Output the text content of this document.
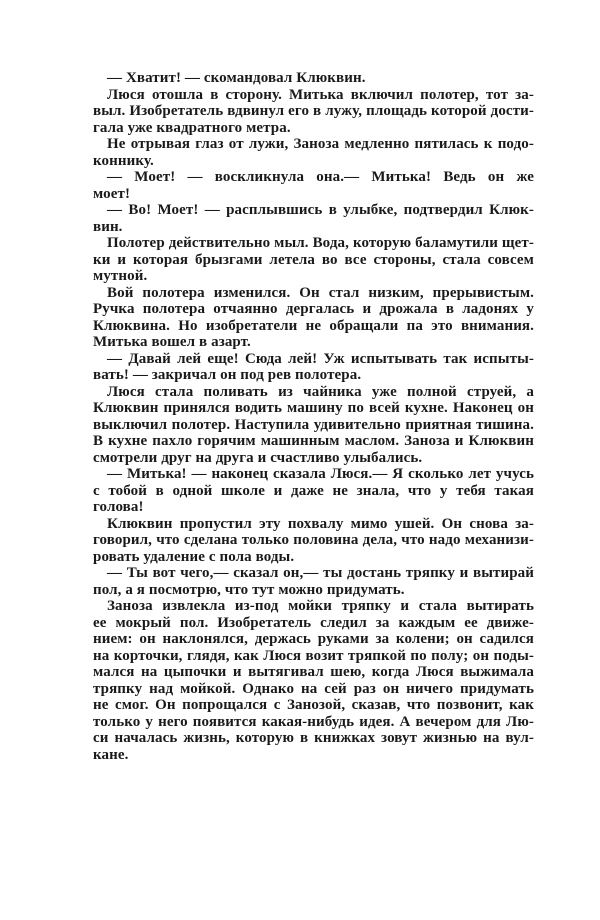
— Хватит! — скомандовал Клюквин.
Люся отошла в сторону. Митька включил полотер, тот за-
выл. Изобретатель вдвинул его в лужу, площадь которой дости-
гала уже квадратного метра.
Не отрывая глаз от лужи, Заноза медленно пятилась к подо-
коннику.
— Моет! — воскликнула она.— Митька! Ведь он же
моет!
— Во! Моет! — расплывшись в улыбке, подтвердил Клюк-
вин.
Полотер действительно мыл. Вода, которую баламутили щет-
ки и которая брызгами летела во все стороны, стала совсем
мутной.
Вой полотера изменился. Он стал низким, прерывистым.
Ручка полотера отчаянно дергалась и дрожала в ладонях у
Клюквина. Но изобретатели не обращали па это внимания.
Митька вошел в азарт.
— Давай лей еще! Сюда лей! Уж испытывать так испыты-
вать! — закричал он под рев полотера.
Люся стала поливать из чайника уже полной струей, а
Клюквин принялся водить машину по всей кухне. Наконец он
выключил полотер. Наступила удивительно приятная тишина.
В кухне пахло горячим машинным маслом. Заноза и Клюквин
смотрели друг на друга и счастливо улыбались.
— Митька! — наконец сказала Люся.— Я сколько лет учусь
с тобой в одной школе и даже не знала, что у тебя такая
голова!
Клюквин пропустил эту похвалу мимо ушей. Он снова за-
говорил, что сделана только половина дела, что надо механизи-
ровать удаление с пола воды.
— Ты вот чего,— сказал он,— ты достань тряпку и вытирай
пол, а я посмотрю, что тут можно придумать.
Заноза извлекла из-под мойки тряпку и стала вытирать
ее мокрый пол. Изобретатель следил за каждым ее движе-
нием: он наклонялся, держась руками за колени; он садился
на корточки, глядя, как Люся возит тряпкой по полу; он поды-
мался на цыпочки и вытягивал шею, когда Люся выжимала
тряпку над мойкой. Однако на сей раз он ничего придумать
не смог. Он попрощался с Занозой, сказав, что позвонит, как
только у него появится какая-нибудь идея. А вечером для Лю-
си началась жизнь, которую в книжках зовут жизнью на вул-
кане.
